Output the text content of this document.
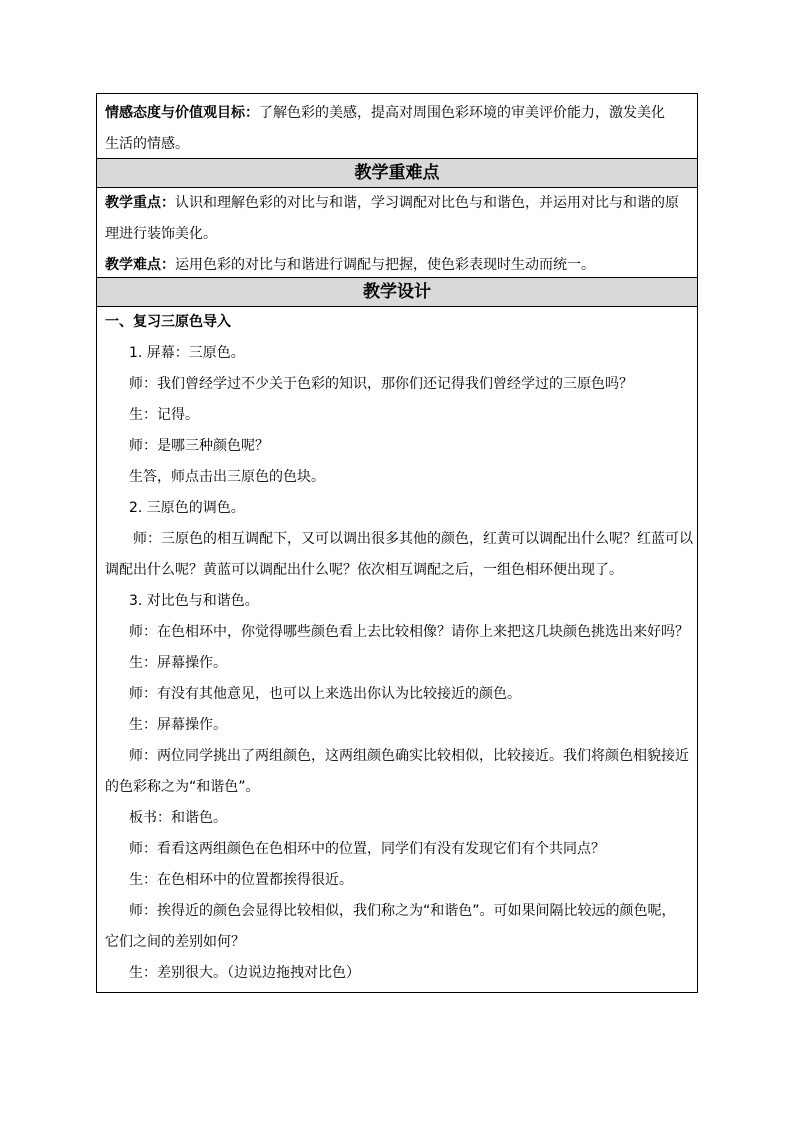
情感态度与价值观目标：了解色彩的美感，提高对周围色彩环境的审美评价能力，激发美化
生活的情感。
教学重难点
教学重点：认识和理解色彩的对比与和谐，学习调配对比色与和谐色，并运用对比与和谐的原
理进行装饰美化。
教学难点：运用色彩的对比与和谐进行调配与把握，使色彩表现时生动而统一。
教学设计
一、复习三原色导入
1. 屏幕：三原色。
师：我们曾经学过不少关于色彩的知识，那你们还记得我们曾经学过的三原色吗？
生：记得。
师：是哪三种颜色呢？
生答，师点击出三原色的色块。
2. 三原色的调色。
师：三原色的相互调配下，又可以调出很多其他的颜色，红黄可以调配出什么呢？红蓝可以
调配出什么呢？黄蓝可以调配出什么呢？依次相互调配之后，一组色相环便出现了。
3. 对比色与和谐色。
师：在色相环中，你觉得哪些颜色看上去比较相像？请你上来把这几块颜色挑选出来好吗？
生：屏幕操作。
师：有没有其他意见，也可以上来选出你认为比较接近的颜色。
生：屏幕操作。
师：两位同学挑出了两组颜色，这两组颜色确实比较相似，比较接近。我们将颜色相貌接近
的色彩称之为“和谐色”。
板书：和谐色。
师：看看这两组颜色在色相环中的位置，同学们有没有发现它们有个共同点？
生：在色相环中的位置都挨得很近。
师：挨得近的颜色会显得比较相似，我们称之为“和谐色”。可如果间隔比较远的颜色呢，
它们之间的差别如何？
生：差别很大。（边说边拖拽对比色）
